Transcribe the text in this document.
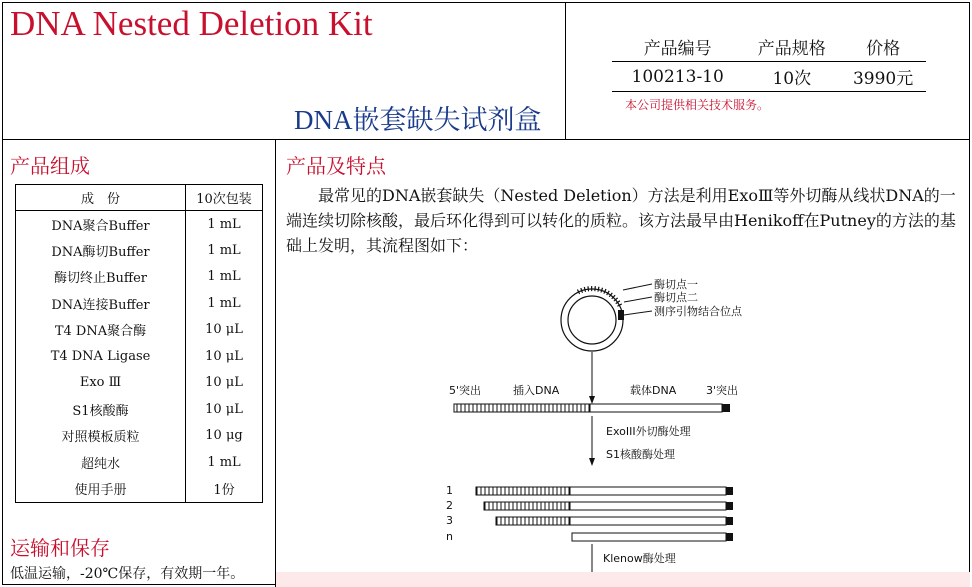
DNA Nested Deletion Kit
DNA嵌套缺失试剂盒
产品编号	产品规格	价格
100213-10	10次	3990元
本公司提供相关技术服务。
产品组成
成　份	10次包装
DNA聚合Buffer	1 mL
DNA酶切Buffer	1 mL
酶切终止Buffer	1 mL
DNA连接Buffer	1 mL
T4 DNA聚合酶	10 μL
T4 DNA Ligase	10 μL
Exo Ⅲ	10 μL
S1核酸酶	10 μL
对照模板质粒	10 μg
超纯水	1 mL
使用手册	1份
运输和保存
低温运输，-20℃保存，有效期一年。
产品及特点

最常见的DNA嵌套缺失（Nested Deletion）方法是利用ExoⅢ等外切酶从线状DNA的一端连续切除核酸，最后环化得到可以转化的质粒。该方法最早由Henikoff在Putney的方法的基础上发明，其流程图如下：

酶切点一
酶切点二
测序引物结合位点
5'突出	插入DNA	载体DNA	3'突出
ExoIII外切酶处理
S1核酸酶处理
1
2
3
n
Klenow酶处理
